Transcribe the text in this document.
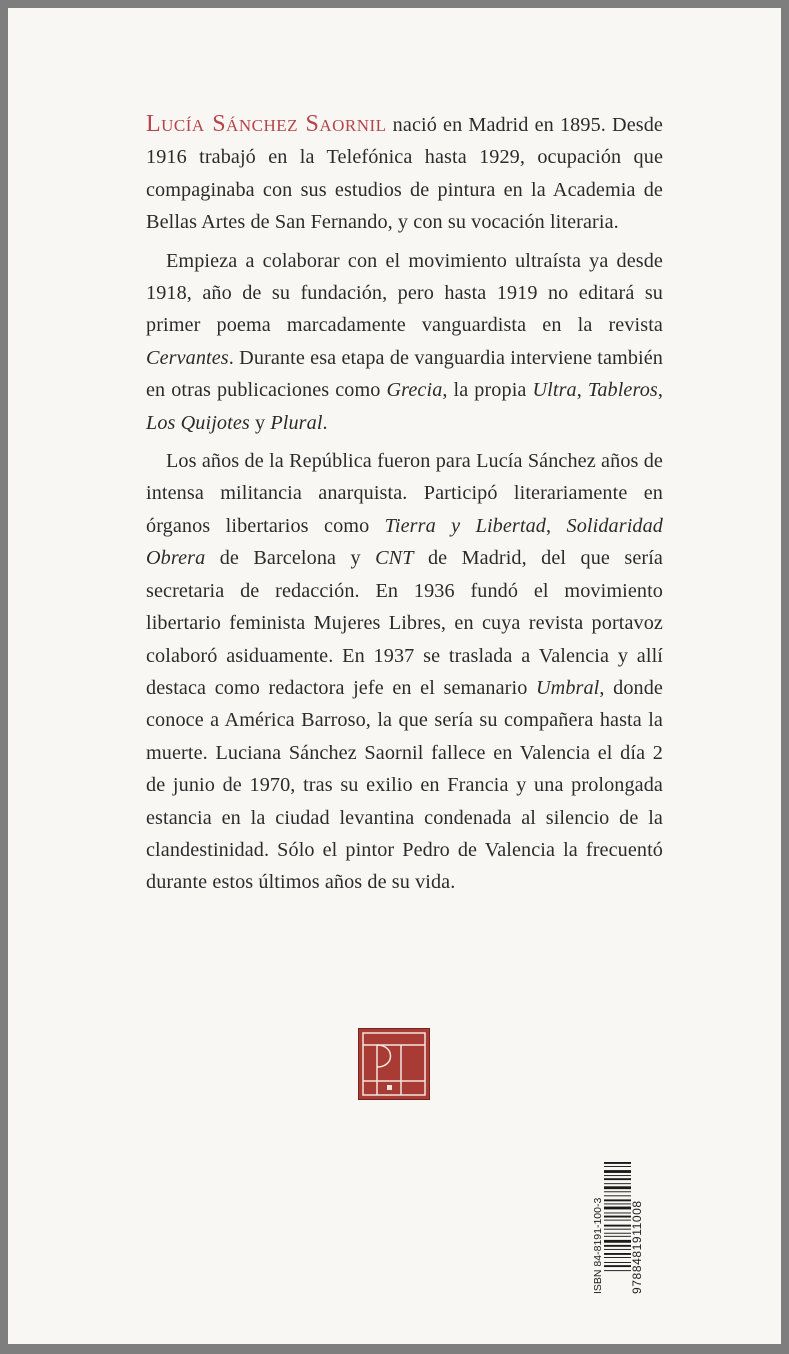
Lucía Sánchez Saornil nació en Madrid en 1895. Desde 1916 trabajó en la Telefónica hasta 1929, ocupación que compaginaba con sus estudios de pintura en la Academia de Bellas Artes de San Fernando, y con su vocación literaria.

Empieza a colaborar con el movimiento ultraísta ya desde 1918, año de su fundación, pero hasta 1919 no editará su primer poema marcadamente vanguardista en la revista Cervantes. Durante esa etapa de vanguardia interviene también en otras publicaciones como Grecia, la propia Ultra, Tableros, Los Quijotes y Plural.

Los años de la República fueron para Lucía Sánchez años de intensa militancia anarquista. Participó literariamente en órganos libertarios como Tierra y Libertad, Solidaridad Obrera de Barcelona y CNT de Madrid, del que sería secretaria de redacción. En 1936 fundó el movimiento libertario feminista Mujeres Libres, en cuya revista portavoz colaboró asiduamente. En 1937 se traslada a Valencia y allí destaca como redactora jefe en el semanario Umbral, donde conoce a América Barroso, la que sería su compañera hasta la muerte. Luciana Sánchez Saornil fallece en Valencia el día 2 de junio de 1970, tras su exilio en Francia y una prolongada estancia en la ciudad levantina condenada al silencio de la clandestinidad. Sólo el pintor Pedro de Valencia la frecuentó durante estos últimos años de su vida.

ISBN 84-8191-100-3 9788481911008
